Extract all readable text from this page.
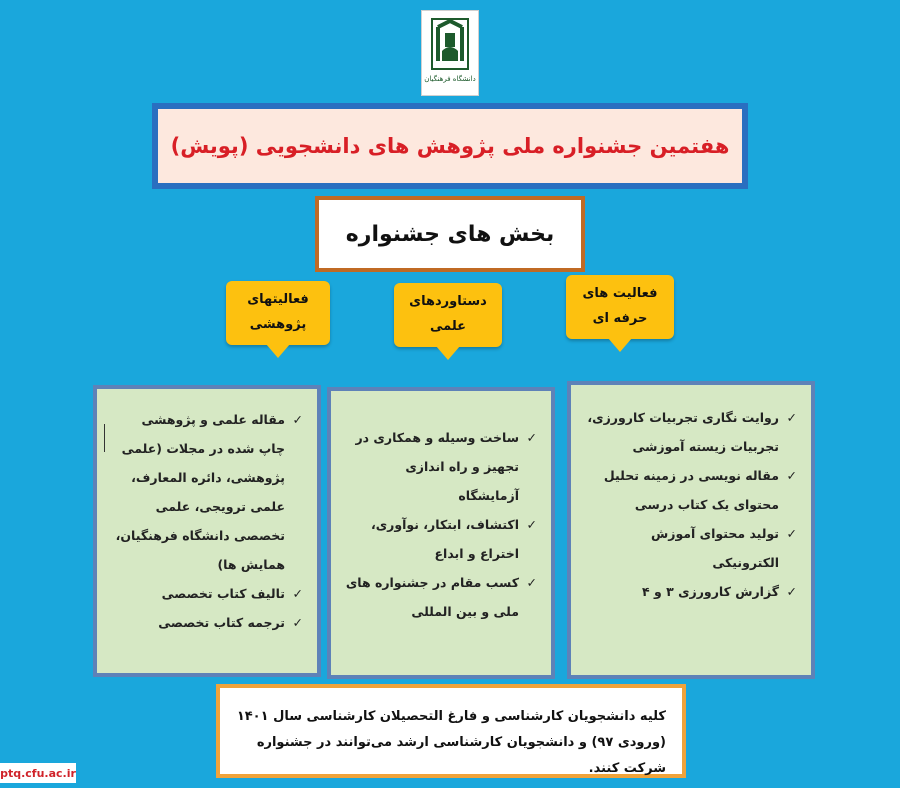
دانشگاه فرهنگیان
هفتمین جشنواره ملی پژوهش های دانشجویی (پویش)
بخش های جشنواره
فعالیتهای
پژوهشی
دستاوردهای
علمی
فعالیت های
حرفه ای
✓ مقاله علمی و پژوهشی چاپ شده در مجلات (علمی پژوهشی، دائره المعارف، علمی ترویجی، علمی تخصصی دانشگاه فرهنگیان، همایش ها)
✓ تالیف کتاب تخصصی
✓ ترجمه کتاب تخصصی
✓ ساخت وسیله و همکاری در تجهیز و راه اندازی آزمایشگاه
✓ اکتشاف، ابتکار، نوآوری، اختراع و ابداع
✓ کسب مقام در جشنواره های ملی و بین المللی
✓ روایت نگاری تجربیات کارورزی، تجربیات زیسته آموزشی
✓ مقاله نویسی در زمینه تحلیل محتوای یک کتاب درسی
✓ تولید محتوای آموزش الکترونیکی
✓ گزارش کارورزی ۳ و ۴
کلیه دانشجویان کارشناسی و فارغ التحصیلان کارشناسی سال ۱۴۰۱ (ورودی ۹۷) و دانشجویان کارشناسی ارشد می‌توانند در جشنواره شرکت کنند.
ptq.cfu.ac.ir
